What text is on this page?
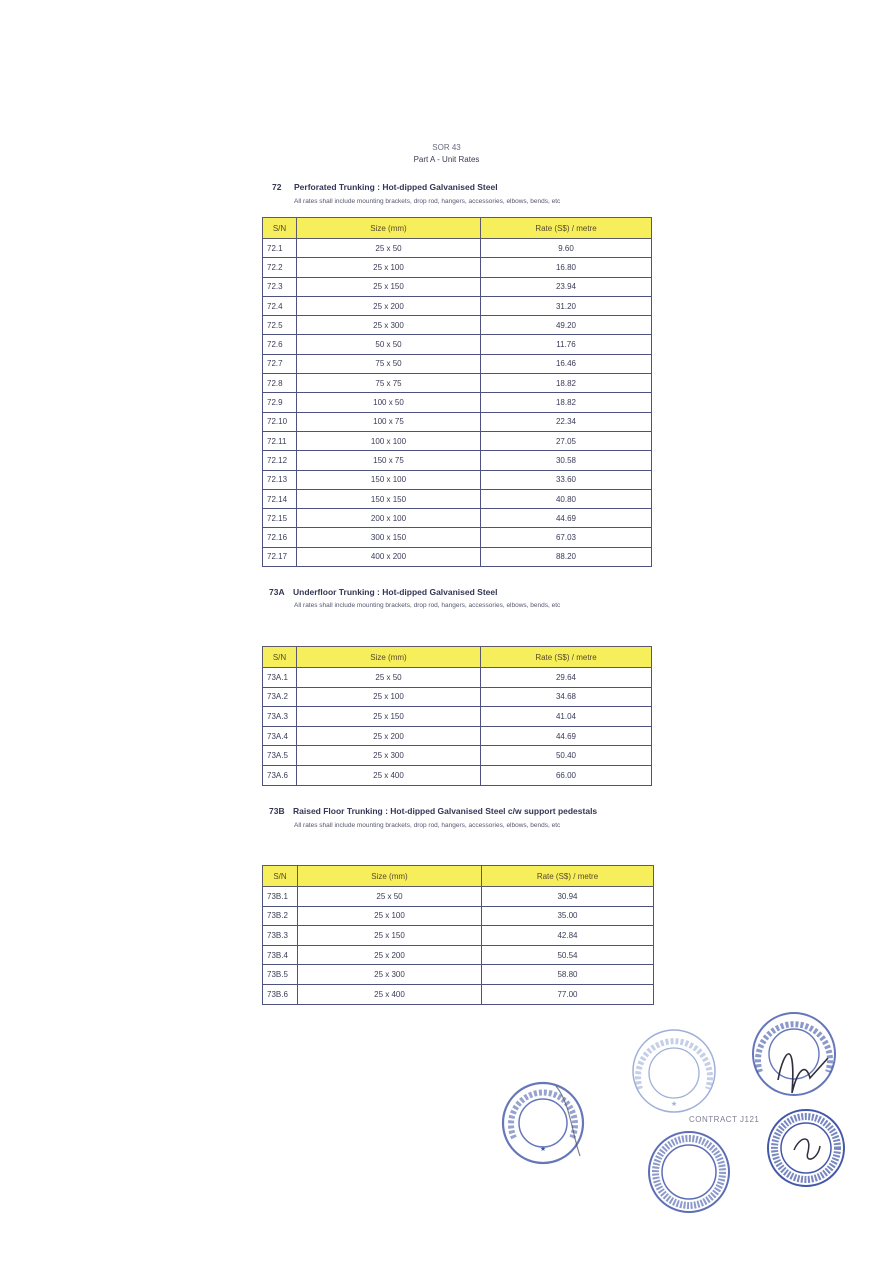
SOR 43
Part A - Unit Rates
72 Perforated Trunking : Hot-dipped Galvanised Steel
All rates shall include mounting brackets, drop rod, hangers, accessories, elbows, bends, etc
S/N	Size (mm)	Rate (S$) / metre
72.1	25 x 50	9.60
72.2	25 x 100	16.80
72.3	25 x 150	23.94
72.4	25 x 200	31.20
72.5	25 x 300	49.20
72.6	50 x 50	11.76
72.7	75 x 50	16.46
72.8	75 x 75	18.82
72.9	100 x 50	18.82
72.10	100 x 75	22.34
72.11	100 x 100	27.05
72.12	150 x 75	30.58
72.13	150 x 100	33.60
72.14	150 x 150	40.80
72.15	200 x 100	44.69
72.16	300 x 150	67.03
72.17	400 x 200	88.20
73A Underfloor Trunking : Hot-dipped Galvanised Steel
All rates shall include mounting brackets, drop rod, hangers, accessories, elbows, bends, etc
S/N	Size (mm)	Rate (S$) / metre
73A.1	25 x 50	29.64
73A.2	25 x 100	34.68
73A.3	25 x 150	41.04
73A.4	25 x 200	44.69
73A.5	25 x 300	50.40
73A.6	25 x 400	66.00
73B Raised Floor Trunking : Hot-dipped Galvanised Steel c/w support pedestals
All rates shall include mounting brackets, drop rod, hangers, accessories, elbows, bends, etc
S/N	Size (mm)	Rate (S$) / metre
73B.1	25 x 50	30.94
73B.2	25 x 100	35.00
73B.3	25 x 150	42.84
73B.4	25 x 200	50.54
73B.5	25 x 300	58.80
73B.6	25 x 400	77.00
★
★
CONTRACT J121
